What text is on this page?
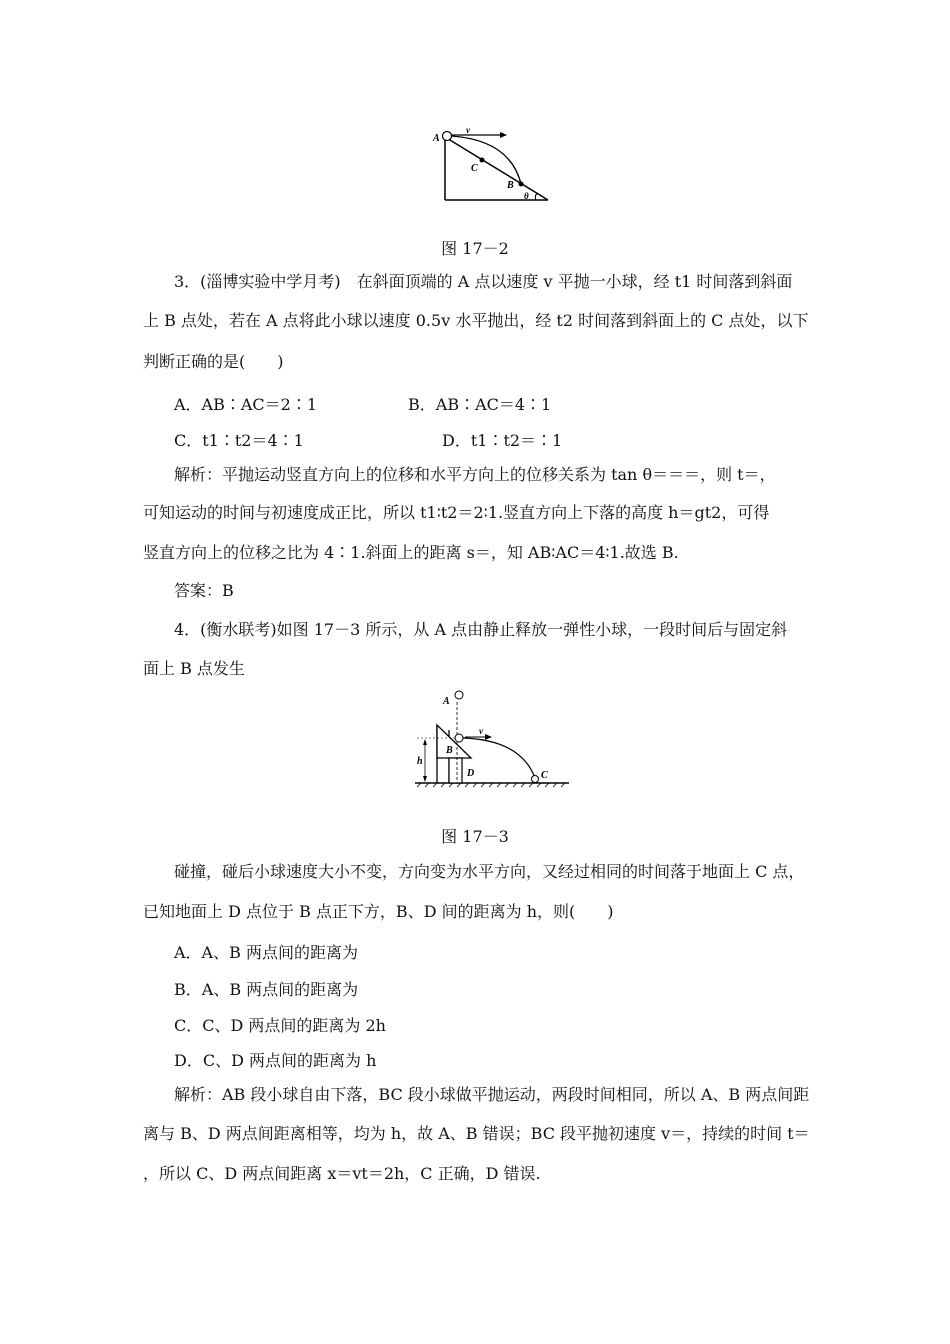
A
v
C
B
θ
图 17－2
3．(淄博实验中学月考)　在斜面顶端的 A 点以速度 v 平抛一小球，经 t1 时间落到斜面
上 B 点处，若在 A 点将此小球以速度 0.5v 水平抛出，经 t2 时间落到斜面上的 C 点处，以下
判断正确的是(　　)
A．AB∶AC＝2∶1	B．AB∶AC＝4∶1
C．t1∶t2＝4∶1	D．t1∶t2＝∶1
解析：平抛运动竖直方向上的位移和水平方向上的位移关系为 tan θ＝＝＝，则 t＝，
可知运动的时间与初速度成正比，所以 t1∶t2＝2∶1.竖直方向上下落的高度 h＝gt2，可得
竖直方向上的位移之比为 4∶1.斜面上的距离 s＝，知 AB∶AC＝4∶1.故选 B.
答案：B
4．(衡水联考)如图 17－3 所示，从 A 点由静止释放一弹性小球，一段时间后与固定斜
面上 B 点发生
A
B
v
h
D	C
图 17－3
碰撞，碰后小球速度大小不变，方向变为水平方向，又经过相同的时间落于地面上 C 点，
已知地面上 D 点位于 B 点正下方，B、D 间的距离为 h，则(　　)
A．A、B 两点间的距离为
B．A、B 两点间的距离为
C．C、D 两点间的距离为 2h
D．C、D 两点间的距离为 h
解析：AB 段小球自由下落，BC 段小球做平抛运动，两段时间相同，所以 A、B 两点间距
离与 B、D 两点间距离相等，均为 h，故 A、B 错误；BC 段平抛初速度 v＝，持续的时间 t＝
，所以 C、D 两点间距离 x＝vt＝2h，C 正确，D 错误.
